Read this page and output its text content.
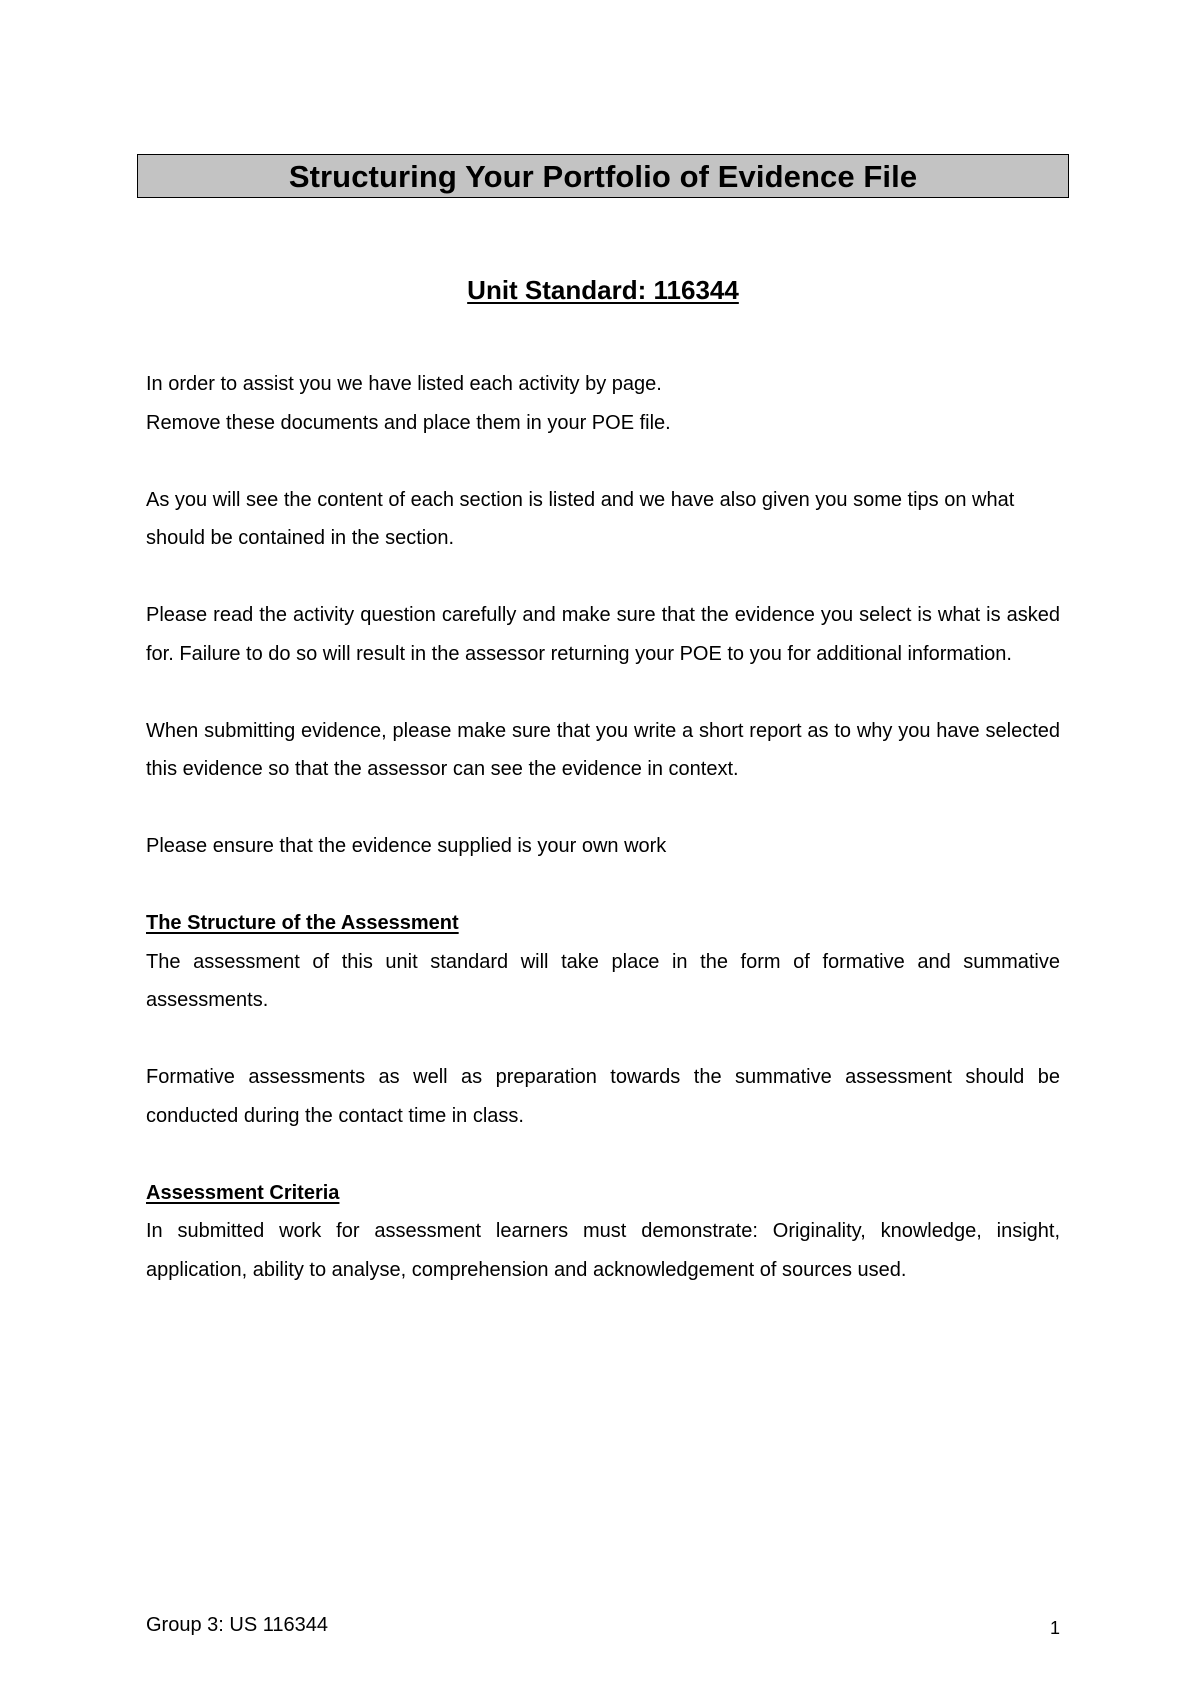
Structuring Your Portfolio of Evidence File
Unit Standard: 116344

In order to assist you we have listed each activity by page.

Remove these documents and place them in your POE file.

As you will see the content of each section is listed and we have also given you some tips on what should be contained in the section.

Please read the activity question carefully and make sure that the evidence you select is what is asked for. Failure to do so will result in the assessor returning your POE to you for additional information.

When submitting evidence, please make sure that you write a short report as to why you have selected this evidence so that the assessor can see the evidence in context.

Please ensure that the evidence supplied is your own work

The Structure of the Assessment

The assessment of this unit standard will take place in the form of formative and summative assessments.

Formative assessments as well as preparation towards the summative assessment should be conducted during the contact time in class.

Assessment Criteria

In submitted work for assessment learners must demonstrate: Originality, knowledge, insight, application, ability to analyse, comprehension and acknowledgement of sources used.

Group 3: US 116344	1
